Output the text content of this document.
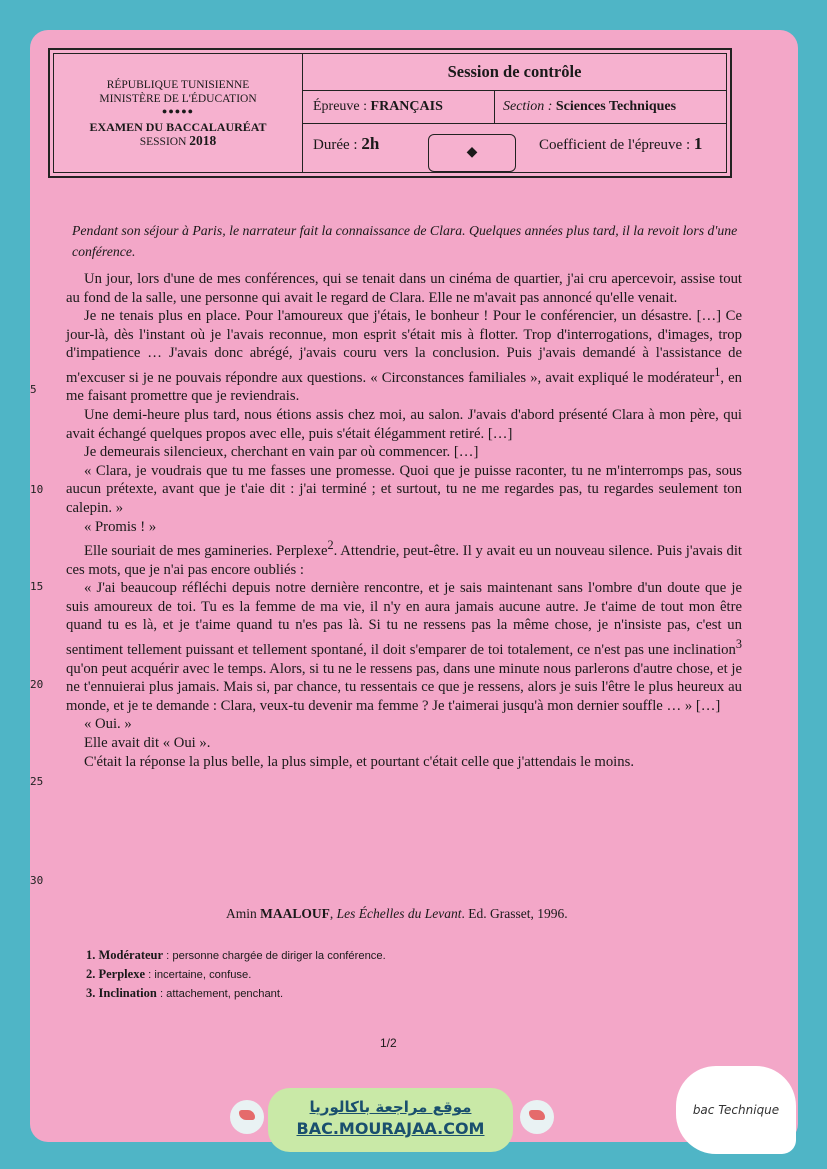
RÉPUBLIQUE TUNISIENNE
MINISTÈRE DE L'ÉDUCATION
●●●●●
EXAMEN DU BACCALAURÉAT
SESSION 2018
Session de contrôle
Épreuve : FRANÇAIS	Section : Sciences Techniques
Durée : 2h	◆	Coefficient de l'épreuve : 1
Pendant son séjour à Paris, le narrateur fait la connaissance de Clara. Quelques années plus tard, il la revoit lors d'une conférence.
5
10
15
20
25
30

Un jour, lors d'une de mes conférences, qui se tenait dans un cinéma de quartier, j'ai cru apercevoir, assise tout au fond de la salle, une personne qui avait le regard de Clara. Elle ne m'avait pas annoncé qu'elle venait.

Je ne tenais plus en place. Pour l'amoureux que j'étais, le bonheur ! Pour le conférencier, un désastre. […] Ce jour-là, dès l'instant où je l'avais reconnue, mon esprit s'était mis à flotter. Trop d'interrogations, d'images, trop d'impatience … J'avais donc abrégé, j'avais couru vers la conclusion. Puis j'avais demandé à l'assistance de m'excuser si je ne pouvais répondre aux questions. « Circonstances familiales », avait expliqué le modérateur$^1$, en me faisant promettre que je reviendrais.

Une demi-heure plus tard, nous étions assis chez moi, au salon. J'avais d'abord présenté Clara à mon père, qui avait échangé quelques propos avec elle, puis s'était élégamment retiré. […]

Je demeurais silencieux, cherchant en vain par où commencer. […]

« Clara, je voudrais que tu me fasses une promesse. Quoi que je puisse raconter, tu ne m'interromps pas, sous aucun prétexte, avant que je t'aie dit : j'ai terminé ; et surtout, tu ne me regardes pas, tu regardes seulement ton calepin. »

« Promis ! »

Elle souriait de mes gamineries. Perplexe$^2$. Attendrie, peut-être. Il y avait eu un nouveau silence. Puis j'avais dit ces mots, que je n'ai pas encore oubliés :

« J'ai beaucoup réfléchi depuis notre dernière rencontre, et je sais maintenant sans l'ombre d'un doute que je suis amoureux de toi. Tu es la femme de ma vie, il n'y en aura jamais aucune autre. Je t'aime de tout mon être quand tu es là, et je t'aime quand tu n'es pas là. Si tu ne ressens pas la même chose, je n'insiste pas, c'est un sentiment tellement puissant et tellement spontané, il doit s'emparer de toi totalement, ce n'est pas une inclination$^3$ qu'on peut acquérir avec le temps. Alors, si tu ne le ressens pas, dans une minute nous parlerons d'autre chose, et je ne t'ennuierai plus jamais. Mais si, par chance, tu ressentais ce que je ressens, alors je suis l'être le plus heureux au monde, et je te demande : Clara, veux-tu devenir ma femme ? Je t'aimerai jusqu'à mon dernier souffle … » […]

« Oui. »

Elle avait dit « Oui ».

C'était la réponse la plus belle, la plus simple, et pourtant c'était celle que j'attendais le moins.

Amin MAALOUF, Les Échelles du Levant. Ed. Grasset, 1996.
1. Modérateur : personne chargée de diriger la conférence.
2. Perplexe : incertaine, confuse.
3. Inclination : attachement, penchant.
1/2
موقع مراجعة باكالوريا
BAC.MOURAJAA.COM
bac Technique
